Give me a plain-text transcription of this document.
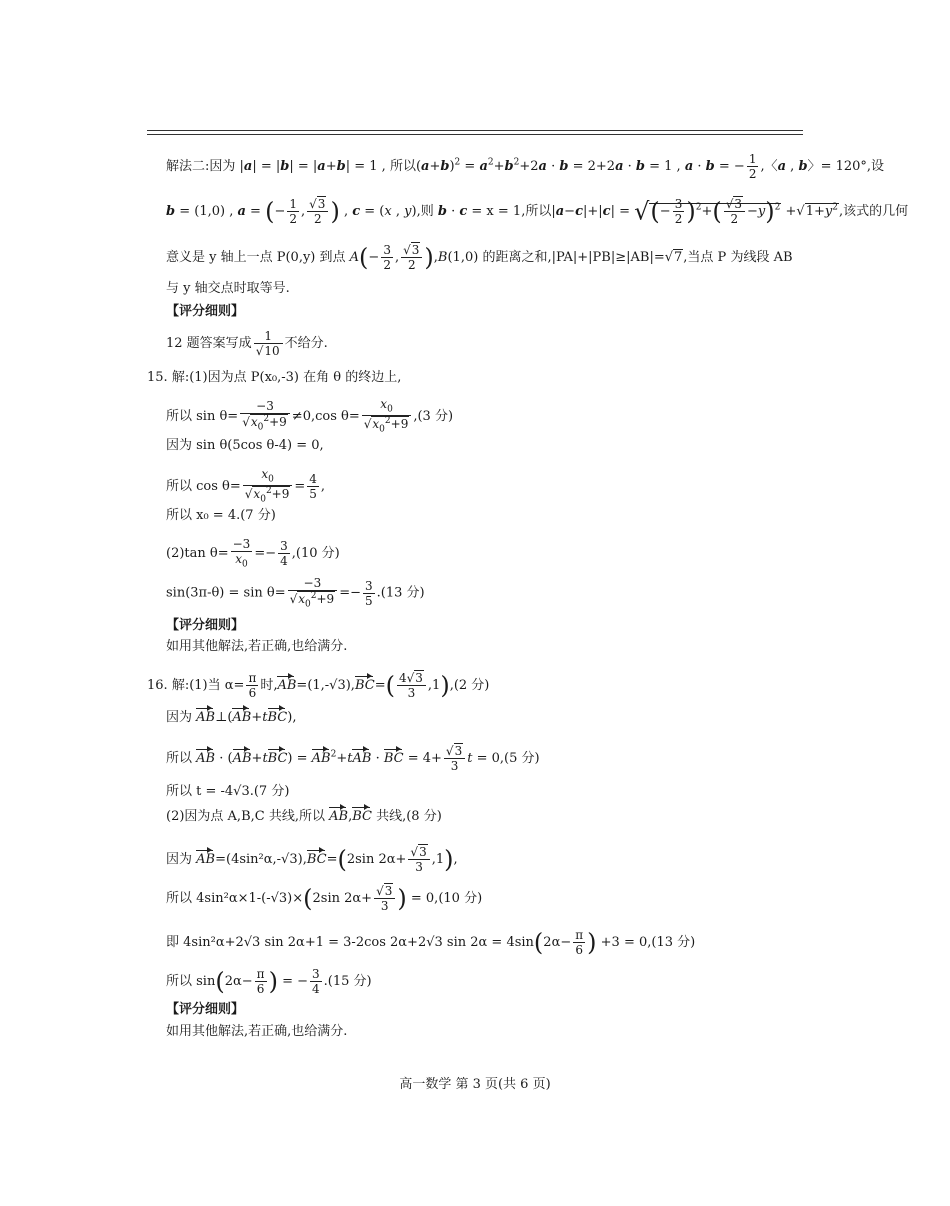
解法二:因为 |a| = |b| = |a+b| = 1 , 所以$(a+b)^2 = a^2+b^2+2a \cdot b = 2+2a \cdot b = 1$ , a · b = − $\frac{1}{2}$ ,〈a , b〉= 120°,设
b = (1,0) , a = (− $\frac{1}{2}$ , $\frac{√3}{2}$ ) , c = (x , y),则 b · c = x = 1,所以|a−c|+|c| = √(− $\frac{3}{2} )^2+( \frac{√3}{2} -y)^2 +√1+y^2$,该式的几何
意义是 y 轴上一点 P(0,y) 到点 $A(- \frac{3}{2}$ , $\frac{√3}{2} ),B(1,0)$ 的距离之和,|PA|+|PB|≥|AB|=√7,当点 P 为线段 AB
与 y 轴交点时取等号.
【评分细则】
12 题答案写成 $\frac{1}{√10}$ 不给分.
15. 解:(1)因为点 P(x₀,-3) 在角 θ 的终边上,
所以 $\sin \theta= \frac{-3}{√x_0^2+9} \ne 0,\cos$ $\theta= \frac{x_0}{√x_0^2+9} ,(3$ 分)
因为 sin θ(5cos θ-4) = 0,
所以 $\cos \theta= \frac{x_0}{√x_0^2+9} = \frac{4}{5}$ ,
所以 x₀ = 4.(7 分)
(2)tan $\theta= \frac{-3}{x_0} =- \frac{3}{4} ,(10$ 分)
$\sin(3\pi-\theta) = \sin \theta= \frac{-3}{√x_0^2+9} =- \frac{3}{5} .(13$ 分)
【评分细则】
如用其他解法,若正确,也给满分.
16. 解:(1)当 $\alpha= \frac{\pi}{6}$ 时$,AB=(1,-√3),BC=( \frac{4√3}{3} ,1),(2$ 分)
因为 AB⊥(AB+tBC),
所以 AB · $(AB+tBC) = AB^2+tAB$ · BC = $4+ \frac{√3}{3}$ t = 0,(5 分)
所以 t = -4√3.(7 分)
(2)因为点 A,B,C 共线,所以 AB,BC 共线,(8 分)
因为 AB=(4sin²α,-√3),BC=(2sin $2\alpha+ \frac{√3}{3} ,1$),
所以 4sin²α×1-(-√3)×(2sin $2\alpha+ \frac{√3}{3}$ ) = 0,(10 分)
即 4sin²α+2√3 sin 2α+1 = 3-2cos 2α+2√3 $\sin 2\alpha = 4\sin(2\alpha- \frac{\pi}{6}$ ) +3 = 0,(13 分)
所以 $\sin(2\alpha- \frac{\pi}{6}$ ) = − $\frac{3}{4} .(15$ 分)
【评分细则】
如用其他解法,若正确,也给满分.
高一数学 第 3 页(共 6 页)
